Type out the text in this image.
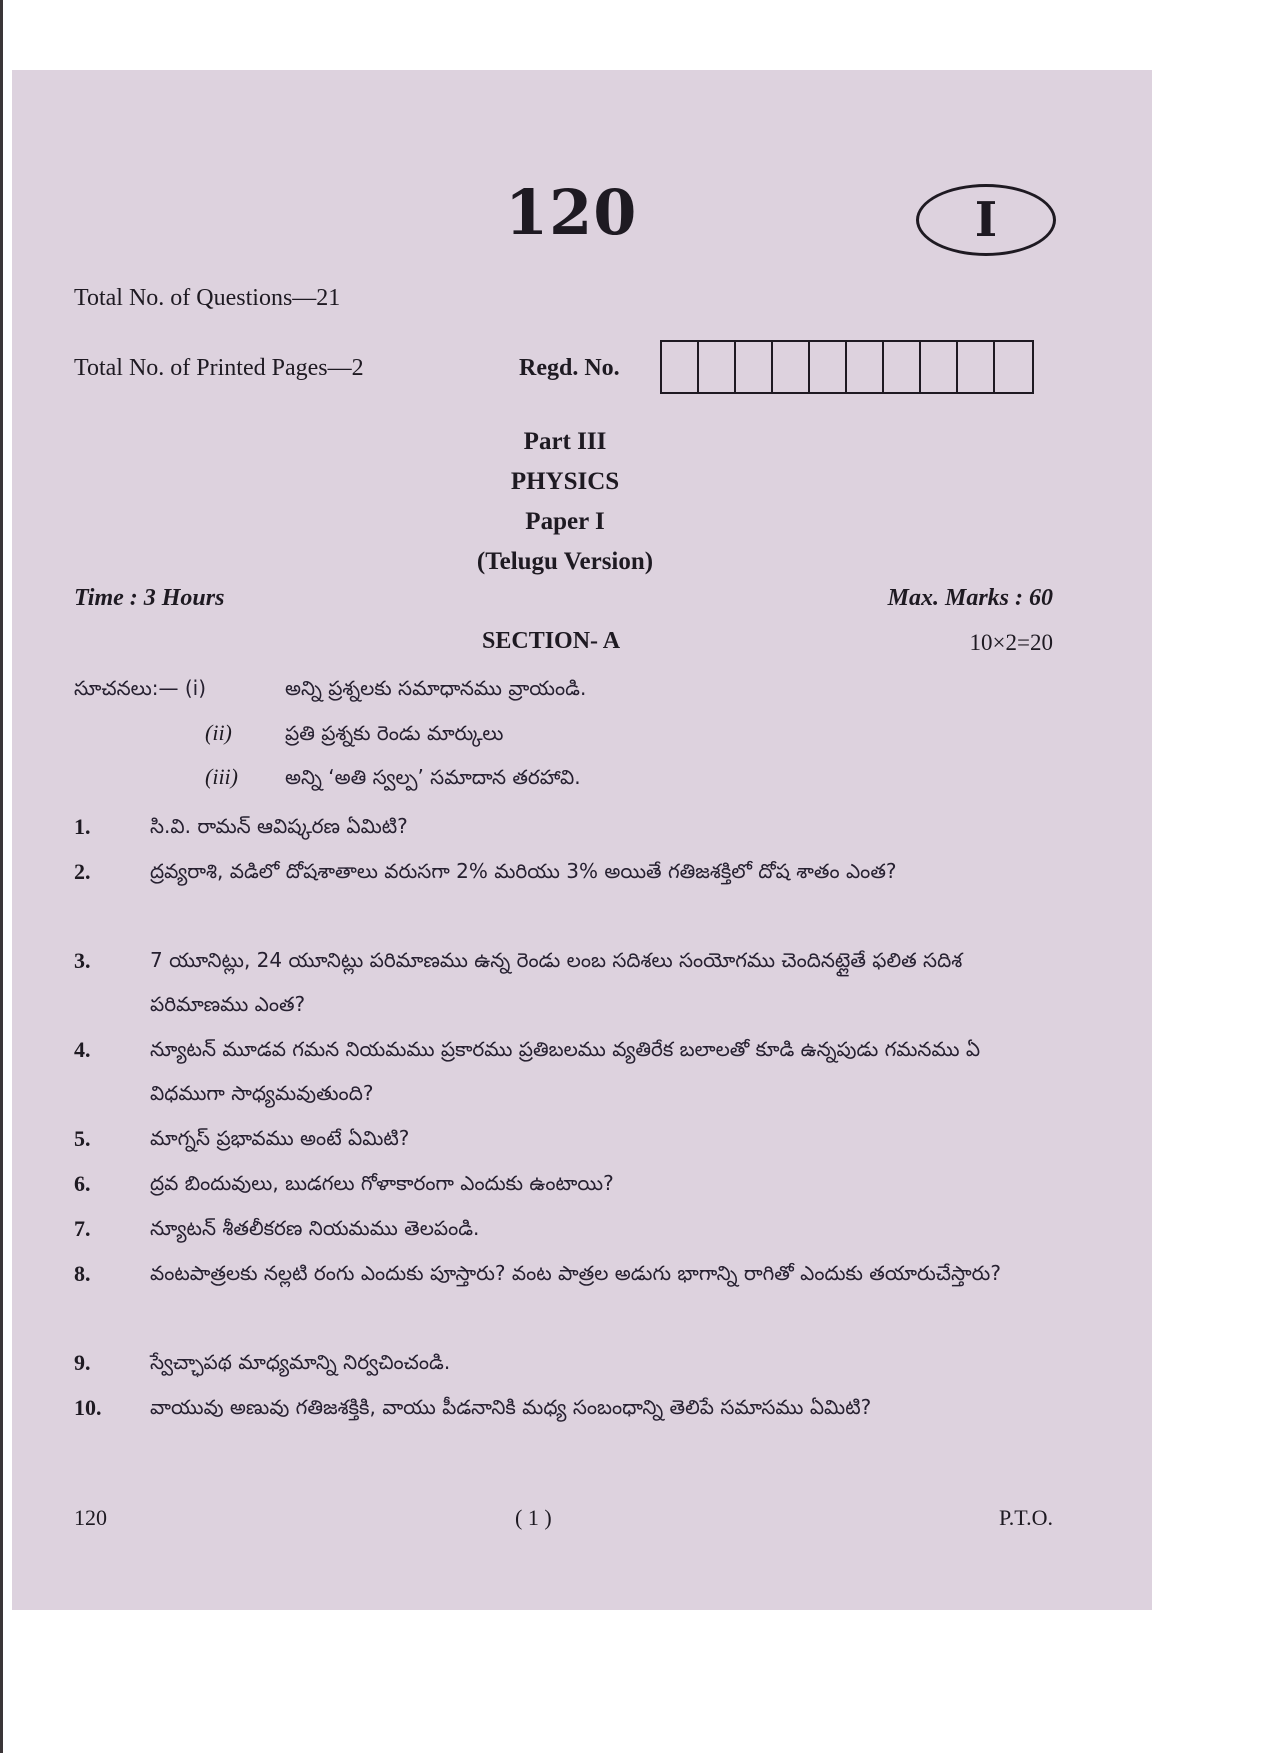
120	I
Total No. of Questions—21
Total No. of Printed Pages—2	Regd. No.
Part III
PHYSICS
Paper I
(Telugu Version)
Time : 3 Hours	Max. Marks : 60
SECTION- A	10×2=20
సూచనలు:— (i)	అన్ని ప్రశ్నలకు సమాధానము వ్రాయండి.
(ii)	ప్రతి ప్రశ్నకు రెండు మార్కులు
(iii) అన్ని ‘అతి స్వల్ప’ సమాదాన తరహావి.
1.	సి.వి. రామన్ ఆవిష్కరణ ఏమిటి?
2.	ద్రవ్యరాశి, వడిలో దోషశాతాలు వరుసగా 2% మరియు 3% అయితే గతిజశక్తిలో దోష శాతం ఎంత?
3.	7 యూనిట్లు, 24 యూనిట్లు పరిమాణము ఉన్న రెండు లంబ సదిశలు సంయోగము చెందినట్లైతే ఫలిత సదిశ పరిమాణము ఎంత?
4.	న్యూటన్ మూడవ గమన నియమము ప్రకారము ప్రతిబలము వ్యతిరేక బలాలతో కూడి ఉన్నపుడు గమనము ఏ విధముగా సాధ్యమవుతుంది?
5.	మాగ్నస్ ప్రభావము అంటే ఏమిటి?
6.	ద్రవ బిందువులు, బుడగలు గోళాకారంగా ఎందుకు ఉంటాయి?
7.	న్యూటన్ శీతలీకరణ నియమము తెలపండి.
8.	వంటపాత్రలకు నల్లటి రంగు ఎందుకు పూస్తారు? వంట పాత్రల అడుగు భాగాన్ని రాగితో ఎందుకు తయారుచేస్తారు?
9.	స్వేచ్ఛాపథ మాధ్యమాన్ని నిర్వచించండి.
10. వాయువు అణువు గతిజశక్తికి, వాయు పీడనానికి మధ్య సంబంధాన్ని తెలిపే సమాసము ఏమిటి?
120	( 1 )	P.T.O.
